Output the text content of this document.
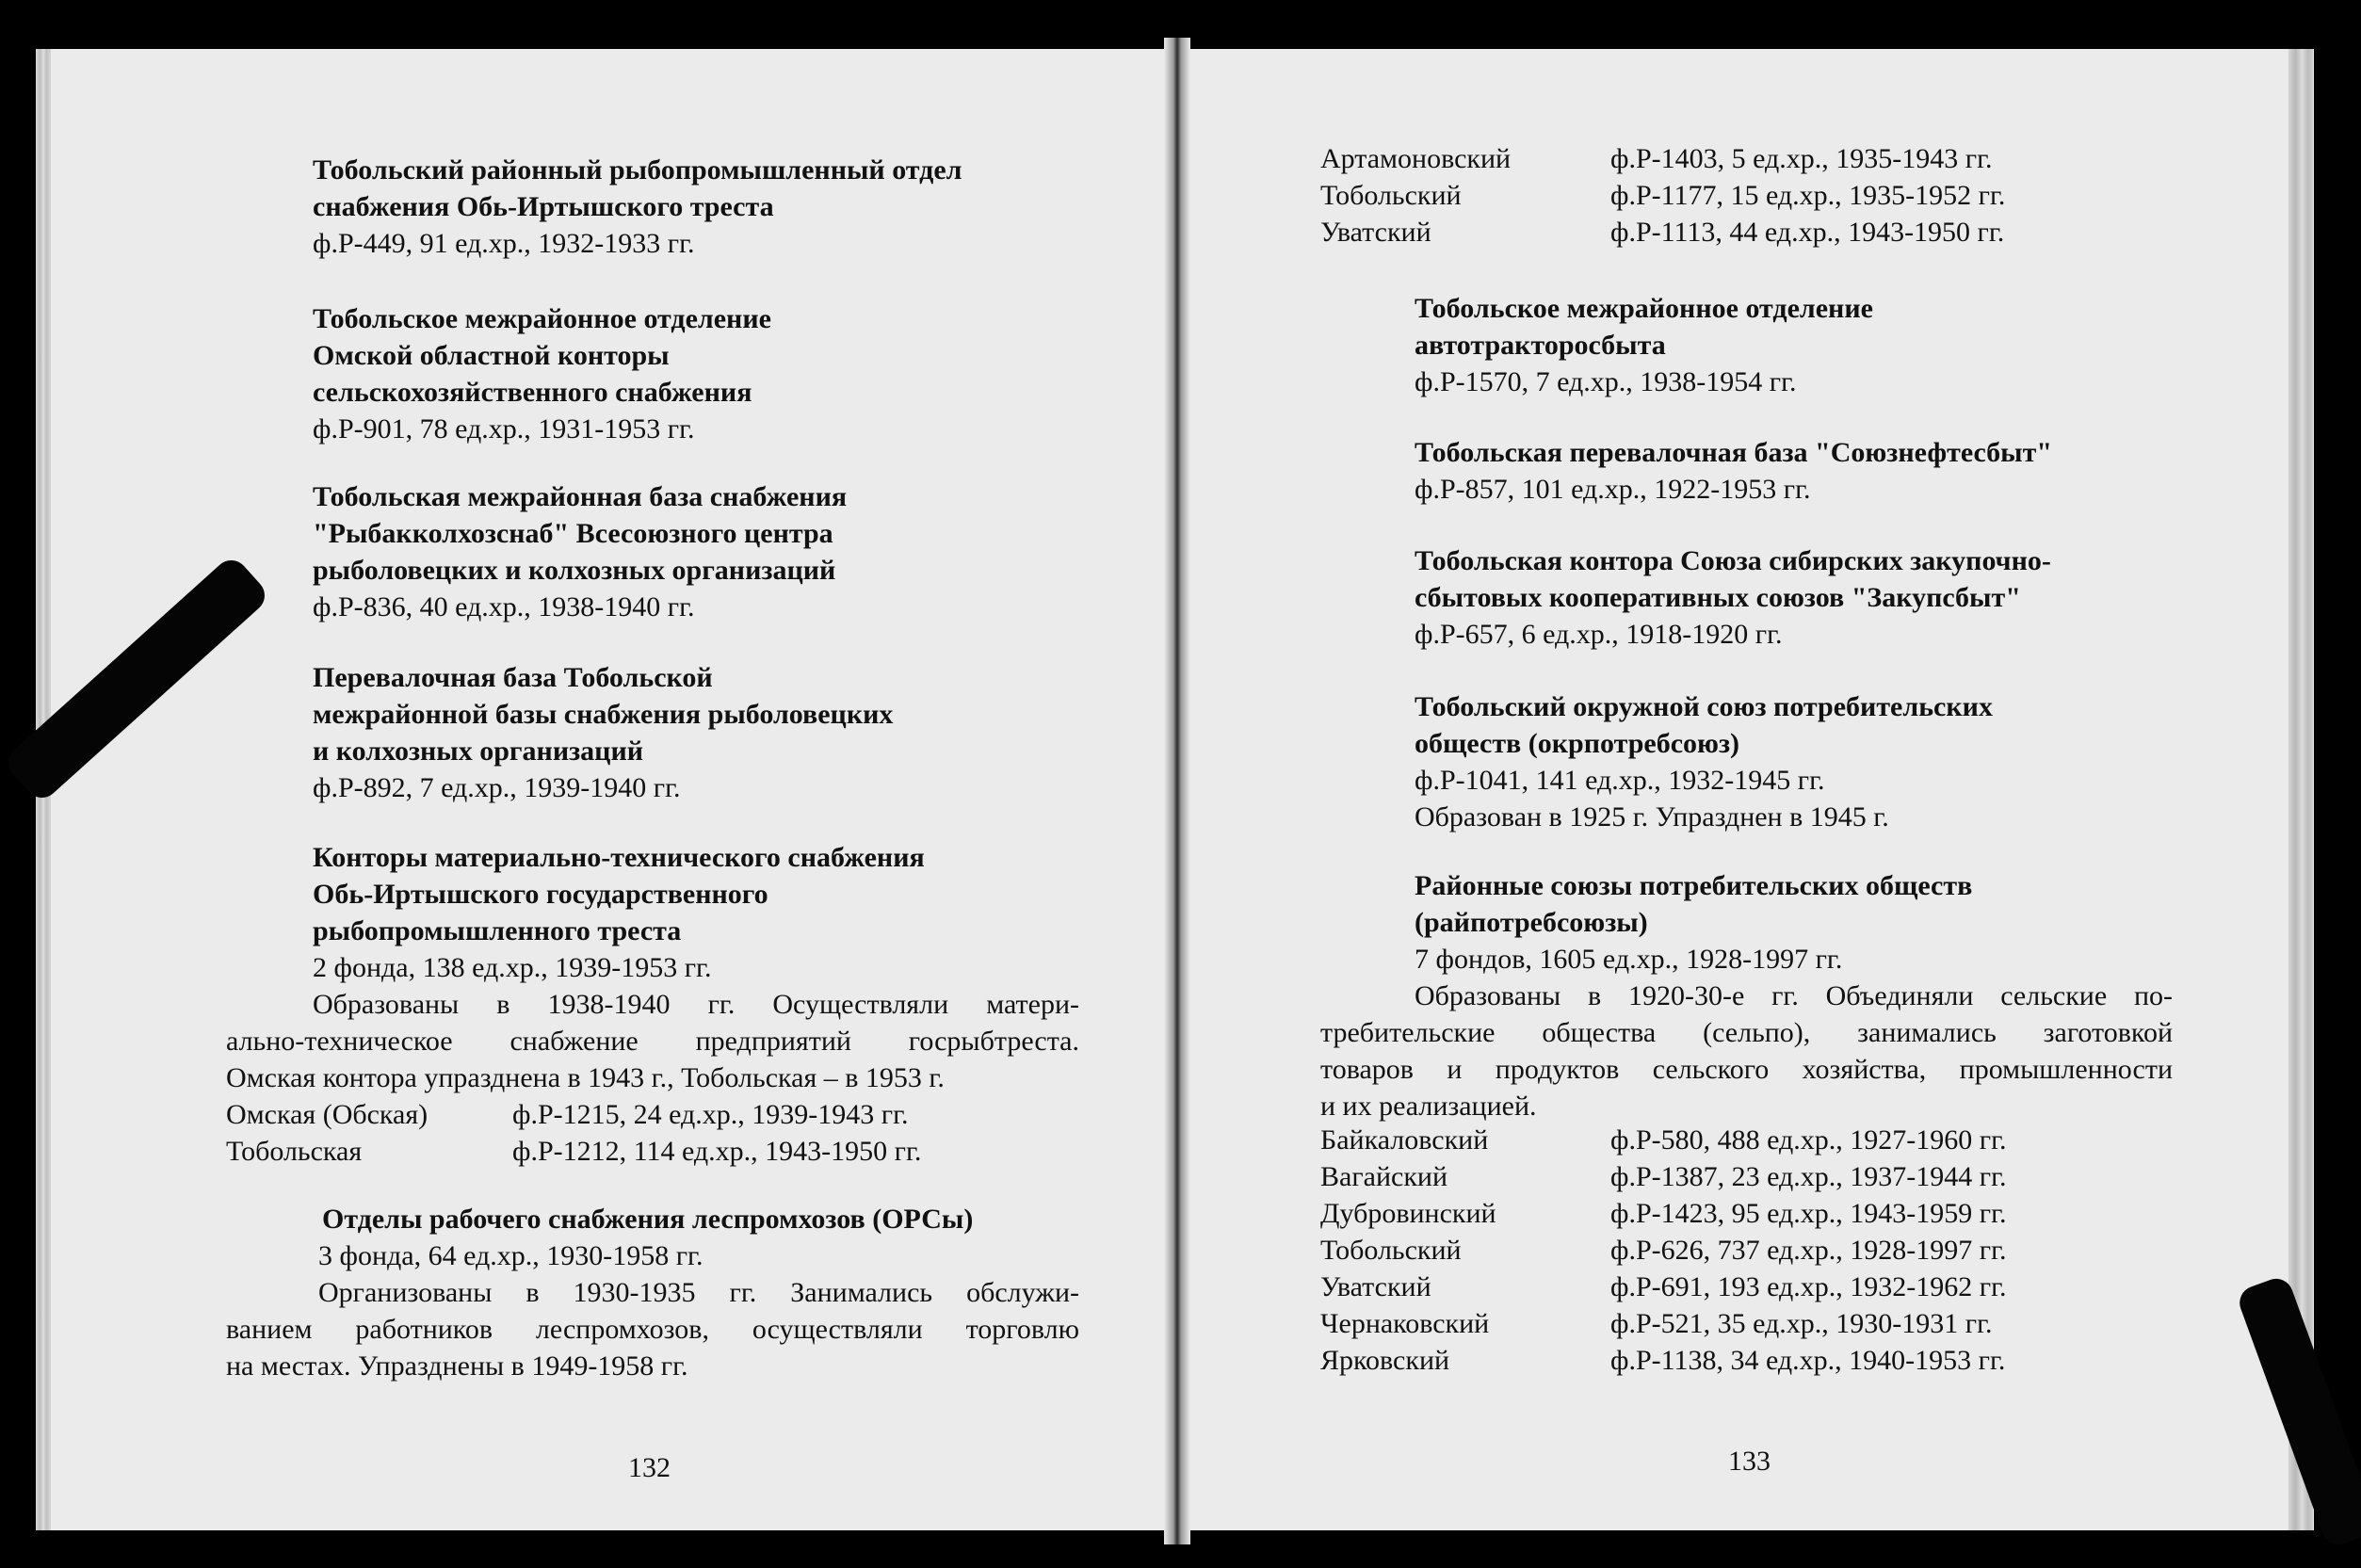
Тобольский районный рыбопромышленный отдел
снабжения Обь-Иртышского треста
ф.Р-449, 91 ед.хр., 1932-1933 гг.
Тобольское межрайонное отделение
Омской областной конторы
сельскохозяйственного снабжения
ф.Р-901, 78 ед.хр., 1931-1953 гг.
Тобольская межрайонная база снабжения
"Рыбакколхозснаб" Всесоюзного центра
рыболовецких и колхозных организаций
ф.Р-836, 40 ед.хр., 1938-1940 гг.
Перевалочная база Тобольской
межрайонной базы снабжения рыболовецких
и колхозных организаций
ф.Р-892, 7 ед.хр., 1939-1940 гг.
Конторы материально-технического снабжения
Обь-Иртышского государственного
рыбопромышленного треста
2 фонда, 138 ед.хр., 1939-1953 гг.
Образованы в 1938-1940 гг. Осуществляли матери-
ально-техническое снабжение предприятий госрыбтреста.
Омская контора упразднена в 1943 г., Тобольская – в 1953 г.
Омская (Обская)	ф.Р-1215, 24 ед.хр., 1939-1943 гг.
Тобольская	ф.Р-1212, 114 ед.хр., 1943-1950 гг.
Отделы рабочего снабжения леспромхозов (ОРСы)
3 фонда, 64 ед.хр., 1930-1958 гг.
Организованы в 1930-1935 гг. Занимались обслужи-
ванием работников леспромхозов, осуществляли торговлю
на местах. Упразднены в 1949-1958 гг.
132
Артамоновский	ф.Р-1403, 5 ед.хр., 1935-1943 гг.
Тобольский	ф.Р-1177, 15 ед.хр., 1935-1952 гг.
Уватский	ф.Р-1113, 44 ед.хр., 1943-1950 гг.
Тобольское межрайонное отделение
автотракторосбыта
ф.Р-1570, 7 ед.хр., 1938-1954 гг.
Тобольская перевалочная база "Союзнефтесбыт"
ф.Р-857, 101 ед.хр., 1922-1953 гг.
Тобольская контора Союза сибирских закупочно-
сбытовых кооперативных союзов "Закупсбыт"
ф.Р-657, 6 ед.хр., 1918-1920 гг.
Тобольский окружной союз потребительских
обществ (окрпотребсоюз)
ф.Р-1041, 141 ед.хр., 1932-1945 гг.
Образован в 1925 г. Упразднен в 1945 г.
Районные союзы потребительских обществ
(райпотребсоюзы)
7 фондов, 1605 ед.хр., 1928-1997 гг.
Образованы в 1920-30-е гг. Объединяли сельские по-
требительские общества (сельпо), занимались заготовкой
товаров и продуктов сельского хозяйства, промышленности
и их реализацией.
Байкаловский	ф.Р-580, 488 ед.хр., 1927-1960 гг.
Вагайский	ф.Р-1387, 23 ед.хр., 1937-1944 гг.
Дубровинский	ф.Р-1423, 95 ед.хр., 1943-1959 гг.
Тобольский	ф.Р-626, 737 ед.хр., 1928-1997 гг.
Уватский	ф.Р-691, 193 ед.хр., 1932-1962 гг.
Чернаковский	ф.Р-521, 35 ед.хр., 1930-1931 гг.
Ярковский	ф.Р-1138, 34 ед.хр., 1940-1953 гг.
133
